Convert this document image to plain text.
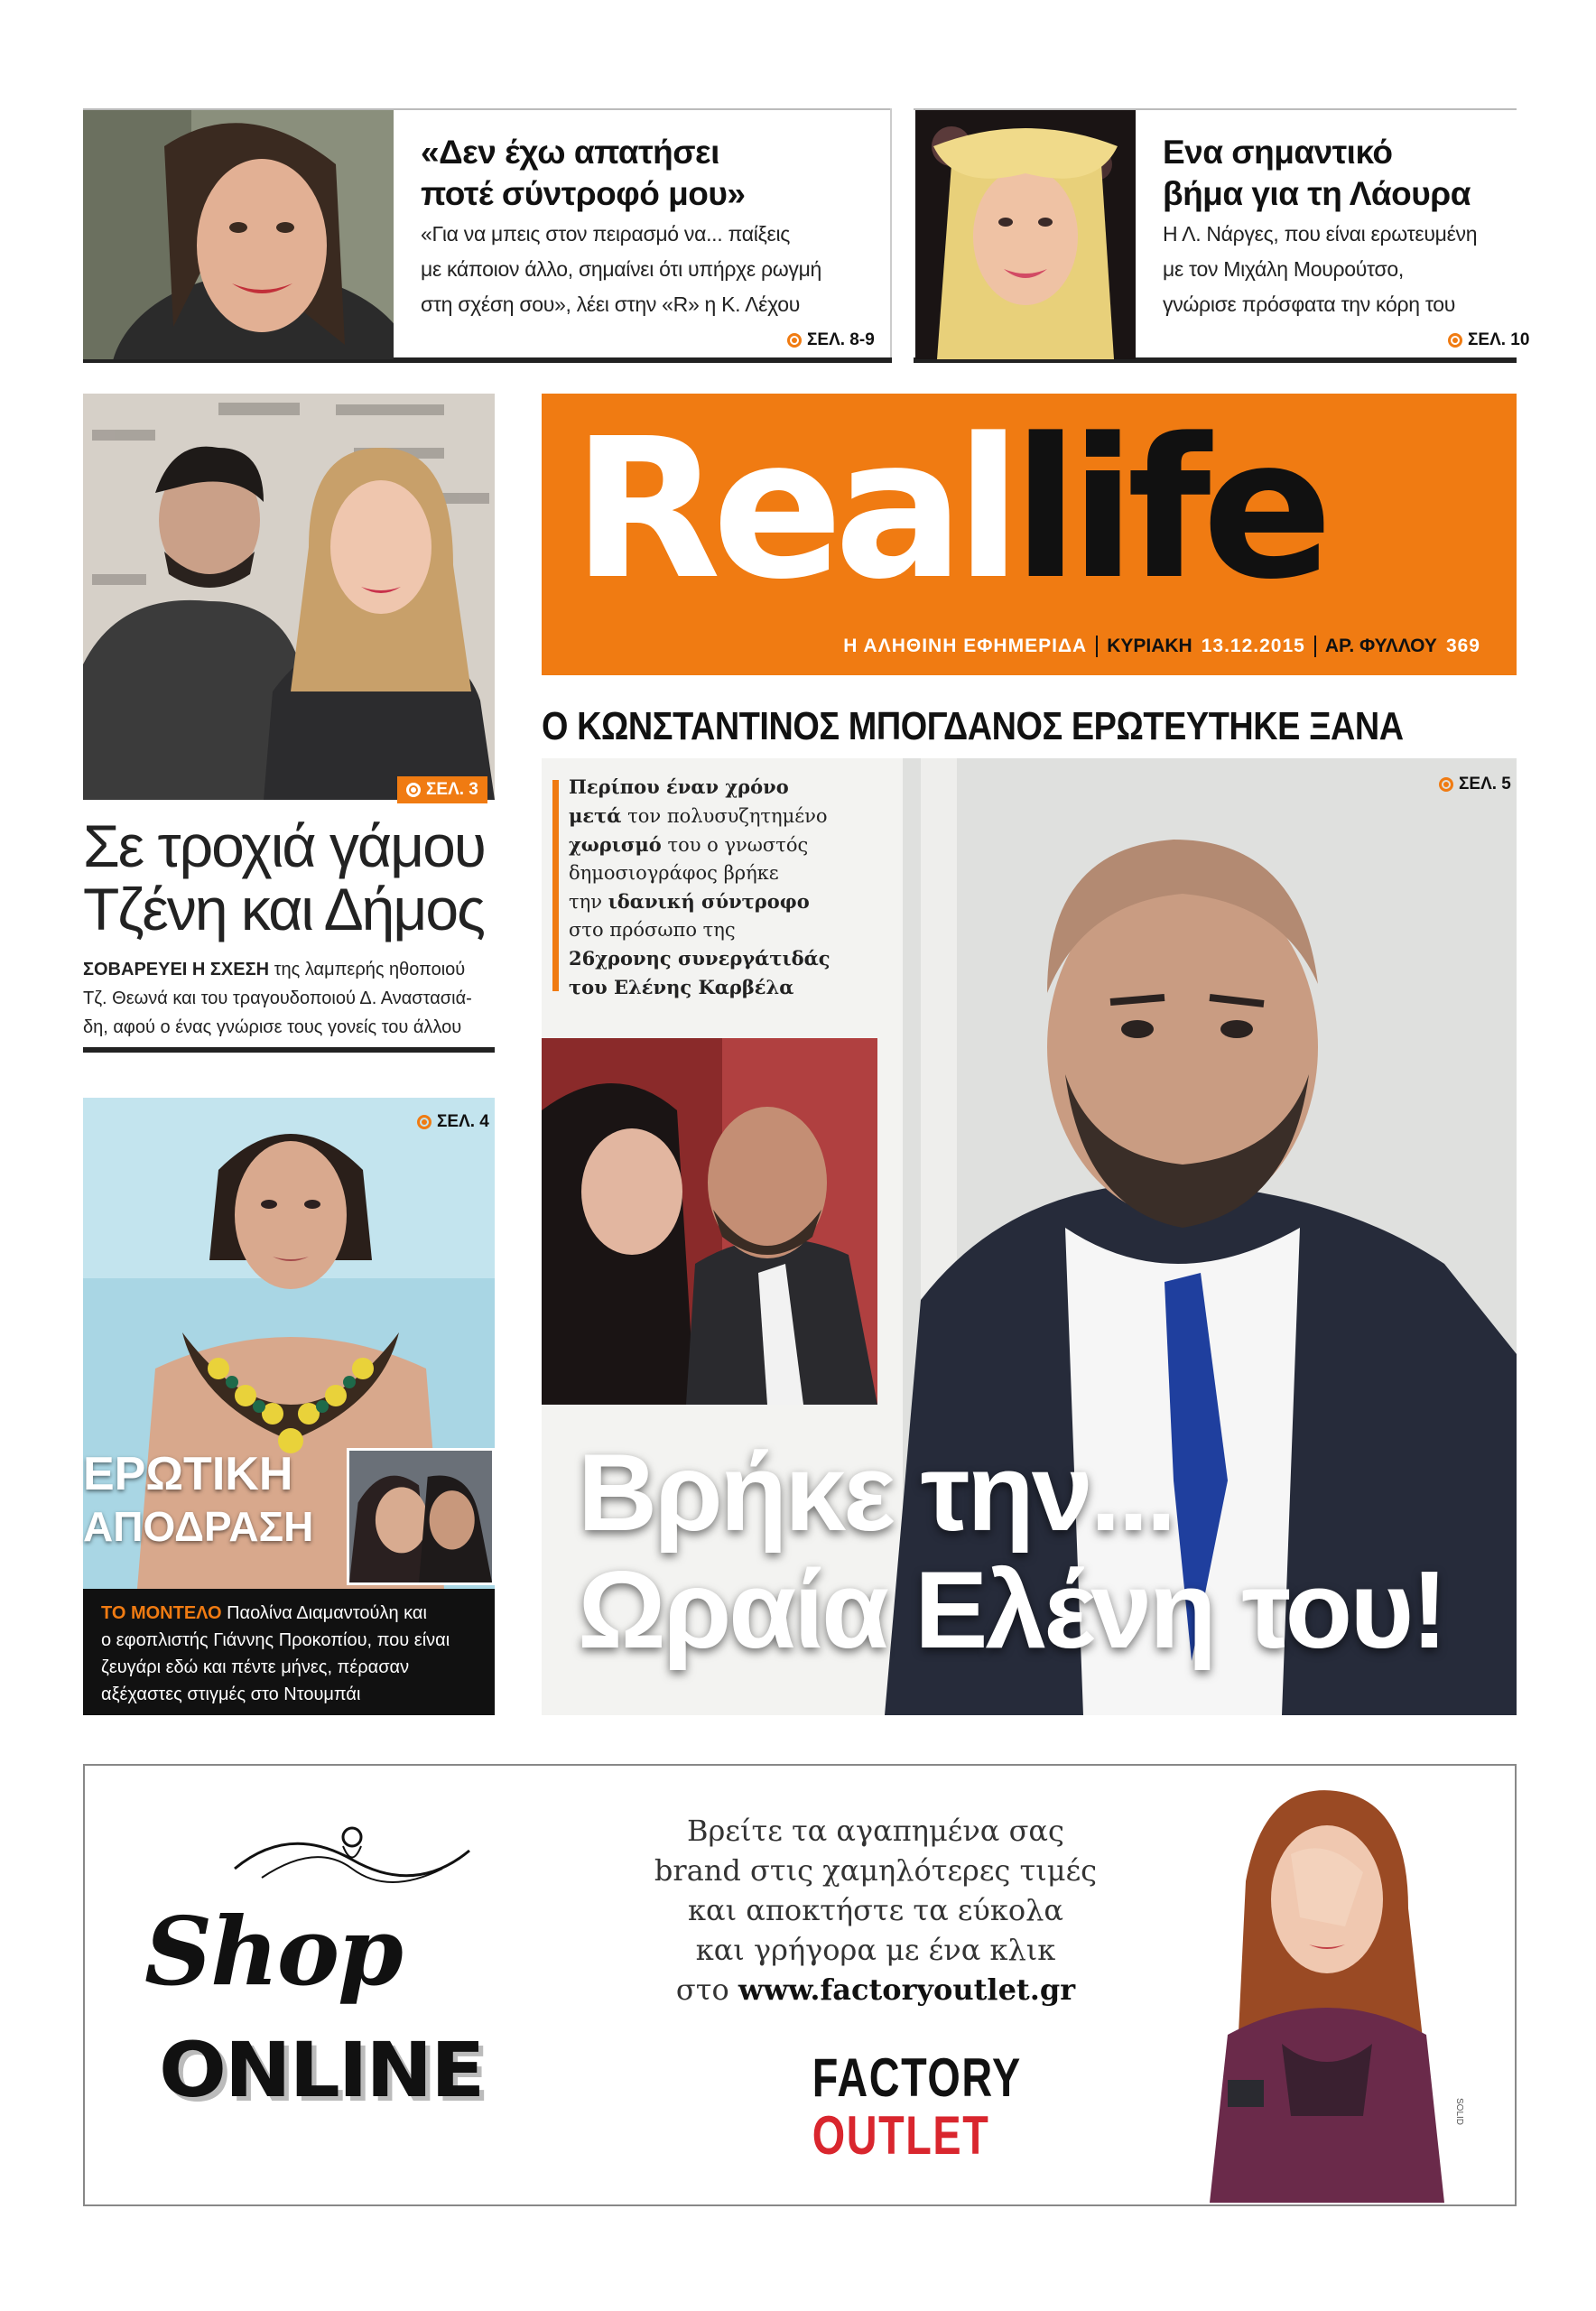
«Δεν έχω απατήσει
ποτέ σύντροφό μου»
«Για να μπεις στον πειρασμό να... παίξεις
με κάποιον άλλο, σημαίνει ότι υπήρχε ρωγμή
στη σχέση σου», λέει στην «R» η Κ. Λέχου
ΣΕΛ. 8-9
Ενα σημαντικό
βήμα για τη Λάουρα
Η Λ. Νάργες, που είναι ερωτευμένη
με τον Μιχάλη Μουρούτσο,
γνώρισε πρόσφατα την κόρη του
ΣΕΛ. 10
ΣΕΛ. 3
Σε τροχιά γάμου
Τζένη και Δήμος
ΣΟΒΑΡΕΥΕΙ Η ΣΧΕΣΗ της λαμπερής ηθοποιού
Τζ. Θεωνά και του τραγουδοποιού Δ. Αναστασιά-
δη, αφού ο ένας γνώρισε τους γονείς του άλλου
ΣΕΛ. 4
ΕΡΩΤΙΚΗ
ΑΠΟΔΡΑΣΗ
ΤΟ ΜΟΝΤΕΛΟ Παολίνα Διαμαντούλη και
ο εφοπλιστής Γιάννης Προκοπίου, που είναι
ζευγάρι εδώ και πέντε μήνες, πέρασαν
αξέχαστες στιγμές στο Ντουμπάι
Reallife
Η ΑΛΗΘΙΝΗ ΕΦΗΜΕΡΙΔΑ ΚΥΡΙΑΚΗ 13.12.2015 ΑΡ. ΦΥΛΛΟΥ 369
Ο ΚΩΝΣΤΑΝΤΙΝΟΣ ΜΠΟΓΔΑΝΟΣ ΕΡΩΤΕΥΤΗΚΕ ΞΑΝΑ
ΣΕΛ. 5
Περίπου έναν χρόνο
μετά τον πολυσυζητημένο
χωρισμό του ο γνωστός
δημοσιογράφος βρήκε
την ιδανική σύντροφο
στο πρόσωπο της
26χρονης συνεργάτιδάς
του Ελένης Καρβέλα
Βρήκε την...
Ωραία Ελένη του!
Shop
ONLINE
Βρείτε τα αγαπημένα σας
brand στις χαμηλότερες τιμές
και αποκτήστε τα εύκολα
και γρήγορα με ένα κλικ
στο www.factoryoutlet.gr
FACTORY
OUTLET	SOLID
